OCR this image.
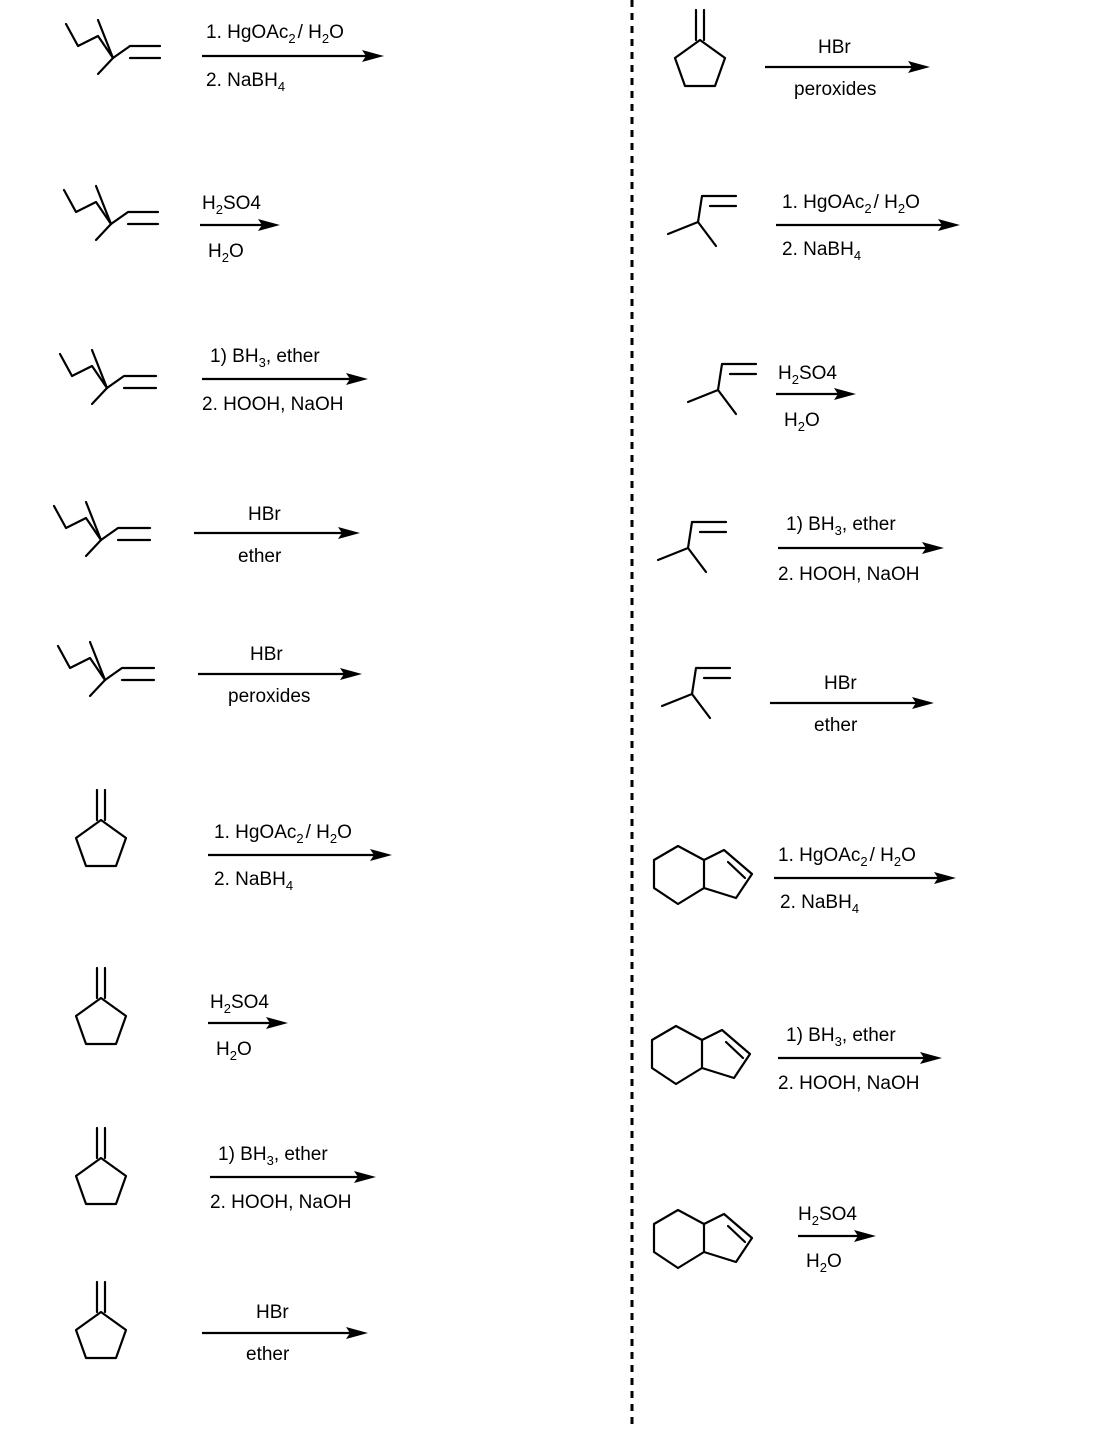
1. HgOAc$_2$ / $H_2O$
2. NaBH$_4$
$H_2SO4$
$H_2O$
1) $BH_3$, ether
2. HOOH, NaOH
HBr
ether
HBr
peroxides
1. HgOAc$_2$ / $H_2O$
2. NaBH$_4$
$H_2SO4$
$H_2O$
1) $BH_3$, ether
2. HOOH, NaOH
HBr
ether
HBr
peroxides
1. HgOAc$_2$ / $H_2O$
2. NaBH$_4$
$H_2SO4$
$H_2O$
1) $BH_3$, ether
2. HOOH, NaOH
HBr
ether
1. HgOAc$_2$ / $H_2O$
2. NaBH$_4$
1) $BH_3$, ether
2. HOOH, NaOH
$H_2SO4$
$H_2O$
